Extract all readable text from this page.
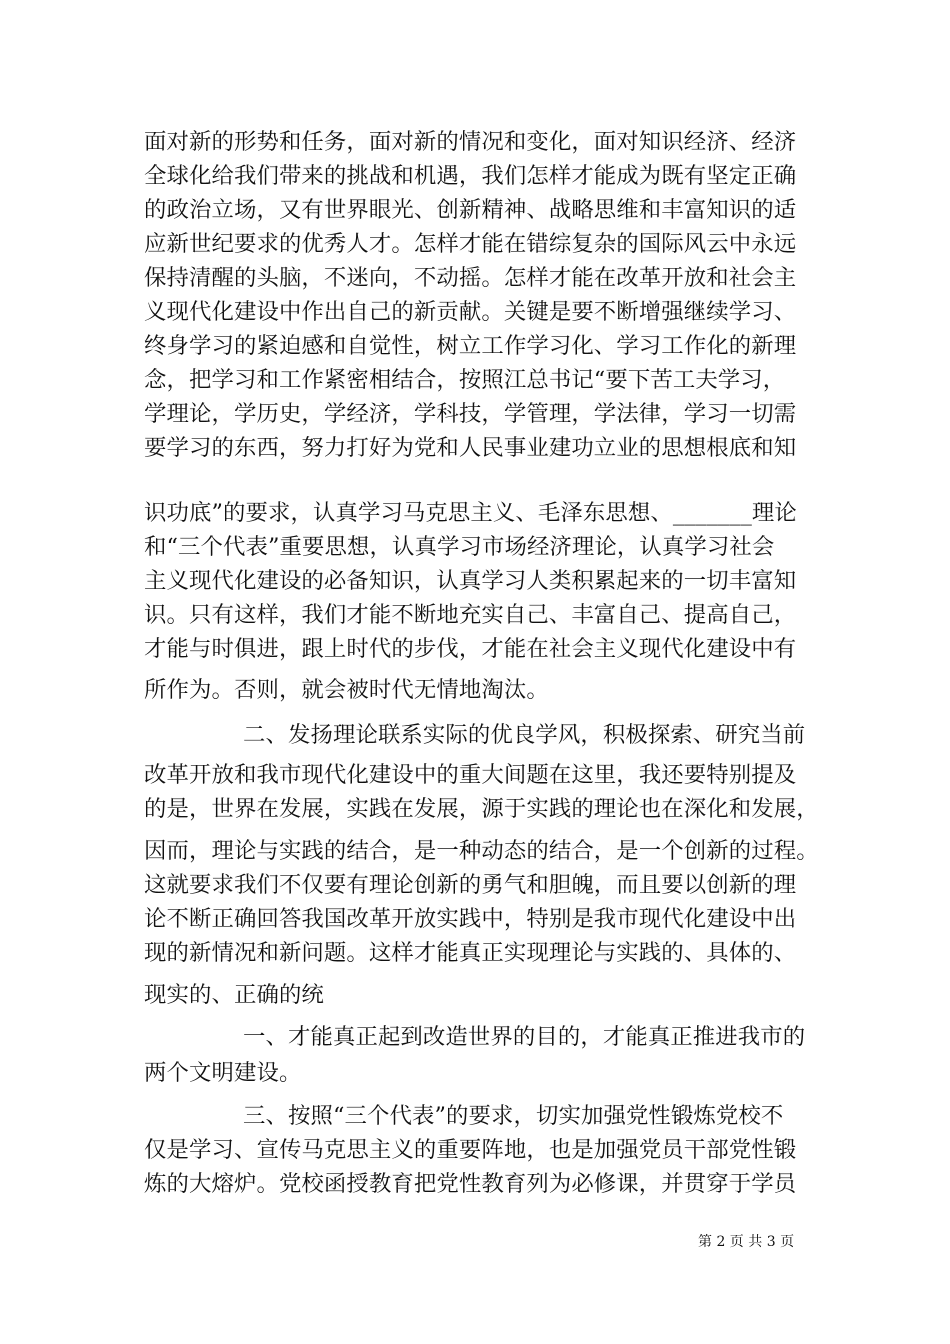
面对新的形势和任务，面对新的情况和变化，面对知识经济、经济
全球化给我们带来的挑战和机遇，我们怎样才能成为既有坚定正确
的政治立场，又有世界眼光、创新精神、战略思维和丰富知识的适
应新世纪要求的优秀人才。怎样才能在错综复杂的国际风云中永远
保持清醒的头脑，不迷向，不动摇。怎样才能在改革开放和社会主
义现代化建设中作出自己的新贡献。关键是要不断增强继续学习、
终身学习的紧迫感和自觉性，树立工作学习化、学习工作化的新理
念，把学习和工作紧密相结合，按照江总书记“要下苦工夫学习，
学理论，学历史，学经济，学科技，学管理，学法律，学习一切需
要学习的东西，努力打好为党和人民事业建功立业的思想根底和知
识功底”的要求，认真学习马克思主义、毛泽东思想、_______理论
和“三个代表”重要思想，认真学习市场经济理论，认真学习社会
主义现代化建设的必备知识，认真学习人类积累起来的一切丰富知
识。只有这样，我们才能不断地充实自己、丰富自己、提高自己，
才能与时俱进，跟上时代的步伐，才能在社会主义现代化建设中有
所作为。否则，就会被时代无情地淘汰。
二、发扬理论联系实际的优良学风，积极探索、研究当前
改革开放和我市现代化建设中的重大间题在这里，我还要特别提及
的是，世界在发展，实践在发展，源于实践的理论也在深化和发展，
因而，理论与实践的结合，是一种动态的结合，是一个创新的过程。
这就要求我们不仅要有理论创新的勇气和胆魄，而且要以创新的理
论不断正确回答我国改革开放实践中，特别是我市现代化建设中出
现的新情况和新问题。这样才能真正实现理论与实践的、具体的、
现实的、正确的统
一、才能真正起到改造世界的目的，才能真正推进我市的
两个文明建设。
三、按照“三个代表”的要求，切实加强党性锻炼党校不
仅是学习、宣传马克思主义的重要阵地，也是加强党员干部党性锻
炼的大熔炉。党校函授教育把党性教育列为必修课，并贯穿于学员
第 2 页 共 3 页
